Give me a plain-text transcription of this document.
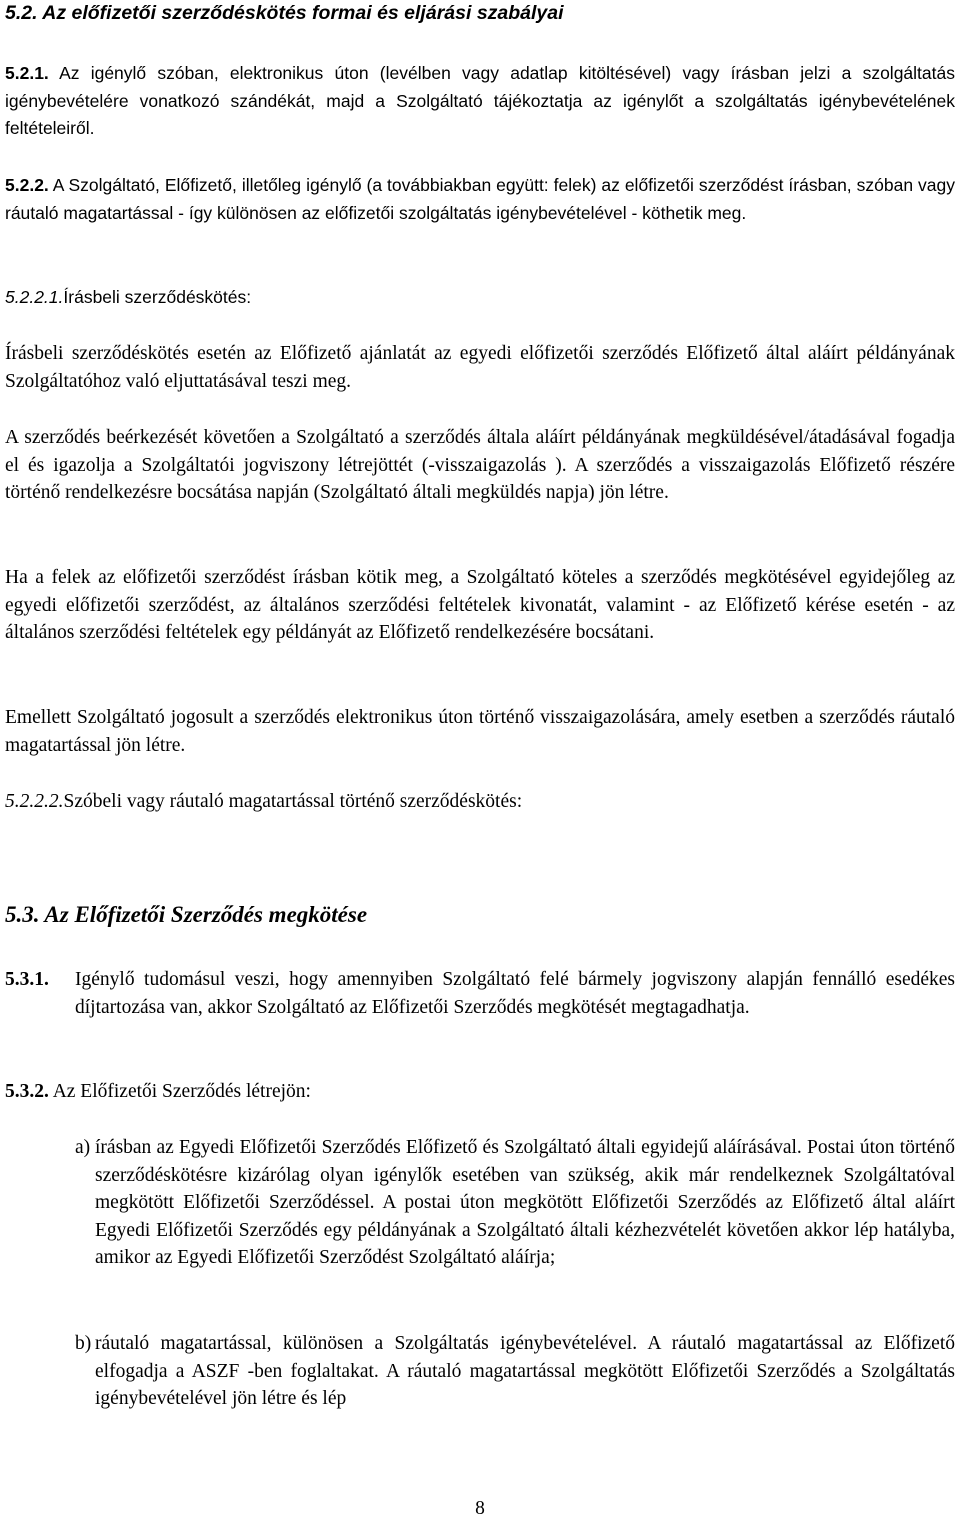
5.2. Az előfizetői szerződéskötés formai és eljárási szabályai
5.2.1. Az igénylő szóban, elektronikus úton (levélben vagy adatlap kitöltésével) vagy írásban jelzi a szolgáltatás igénybevételére vonatkozó szándékát, majd a Szolgáltató tájékoztatja az igénylőt a szolgáltatás igénybevételének feltételeiről.
5.2.2. A Szolgáltató, Előfizető, illetőleg igénylő (a továbbiakban együtt: felek) az előfizetői szerződést írásban, szóban vagy ráutaló magatartással - így különösen az előfizetői szolgáltatás igénybevételével - köthetik meg.
5.2.2.1.Írásbeli szerződéskötés:
Írásbeli szerződéskötés esetén az Előfizető ajánlatát az egyedi előfizetői szerződés Előfizető által aláírt példányának Szolgáltatóhoz való eljuttatásával teszi meg.
A szerződés beérkezését követően a Szolgáltató a szerződés általa aláírt példányának megküldésével/átadásával fogadja el és igazolja a Szolgáltatói jogviszony létrejöttét (-visszaigazolás ). A szerződés a visszaigazolás Előfizető részére történő rendelkezésre bocsátása napján (Szolgáltató általi megküldés napja) jön létre.
Ha a felek az előfizetői szerződést írásban kötik meg, a Szolgáltató köteles a szerződés megkötésével egyidejőleg az egyedi előfizetői szerződést, az általános szerződési feltételek kivonatát, valamint - az Előfizető kérése esetén - az általános szerződési feltételek egy példányát az Előfizető rendelkezésére bocsátani.
Emellett Szolgáltató jogosult a szerződés elektronikus úton történő visszaigazolására, amely esetben a szerződés ráutaló magatartással jön létre.
5.2.2.2.Szóbeli vagy ráutaló magatartással történő szerződéskötés:
5.3. Az Előfizetői Szerződés megkötése
5.3.1. Igénylő tudomásul veszi, hogy amennyiben Szolgáltató felé bármely jogviszony alapján fennálló esedékes díjtartozása van, akkor Szolgáltató az Előfizetői Szerződés megkötését megtagadhatja.
5.3.2. Az Előfizetői Szerződés létrejön:
a) írásban az Egyedi Előfizetői Szerződés Előfizető és Szolgáltató általi egyidejű aláírásával. Postai úton történő szerződéskötésre kizárólag olyan igénylők esetében van szükség, akik már rendelkeznek Szolgáltatóval megkötött Előfizetői Szerződéssel. A postai úton megkötött Előfizetői Szerződés az Előfizető által aláírt Egyedi Előfizetői Szerződés egy példányának a Szolgáltató általi kézhezvételét követően akkor lép hatályba, amikor az Egyedi Előfizetői Szerződést Szolgáltató aláírja;
b) ráutaló magatartással, különösen a Szolgáltatás igénybevételével. A ráutaló magatartással az Előfizető elfogadja a ASZF -ben foglaltakat. A ráutaló magatartással megkötött Előfizetői Szerződés a Szolgáltatás igénybevételével jön létre és lép
8
